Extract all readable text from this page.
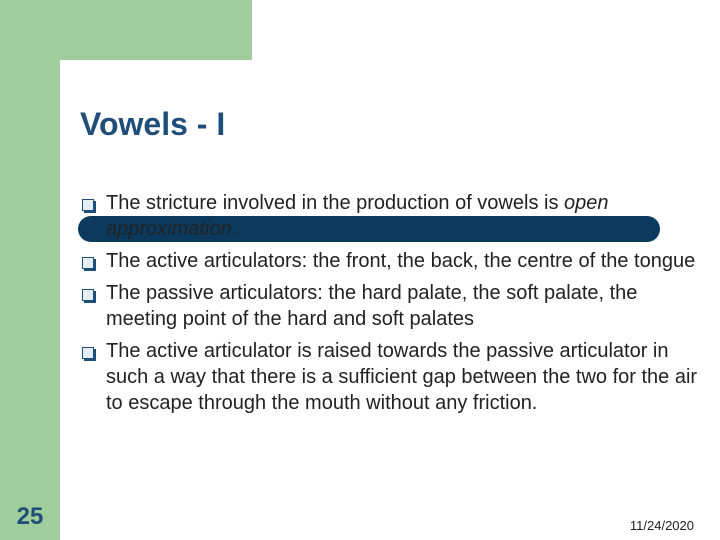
Vowels - I
The stricture involved in the production of vowels is open approximation.
The active articulators: the front, the back, the centre of the tongue
The passive articulators: the hard palate, the soft palate, the meeting point of the hard and soft palates
The active articulator is raised towards the passive articulator in such a way that there is a sufficient gap between the two for the air to escape through the mouth without any friction.
25	11/24/2020
